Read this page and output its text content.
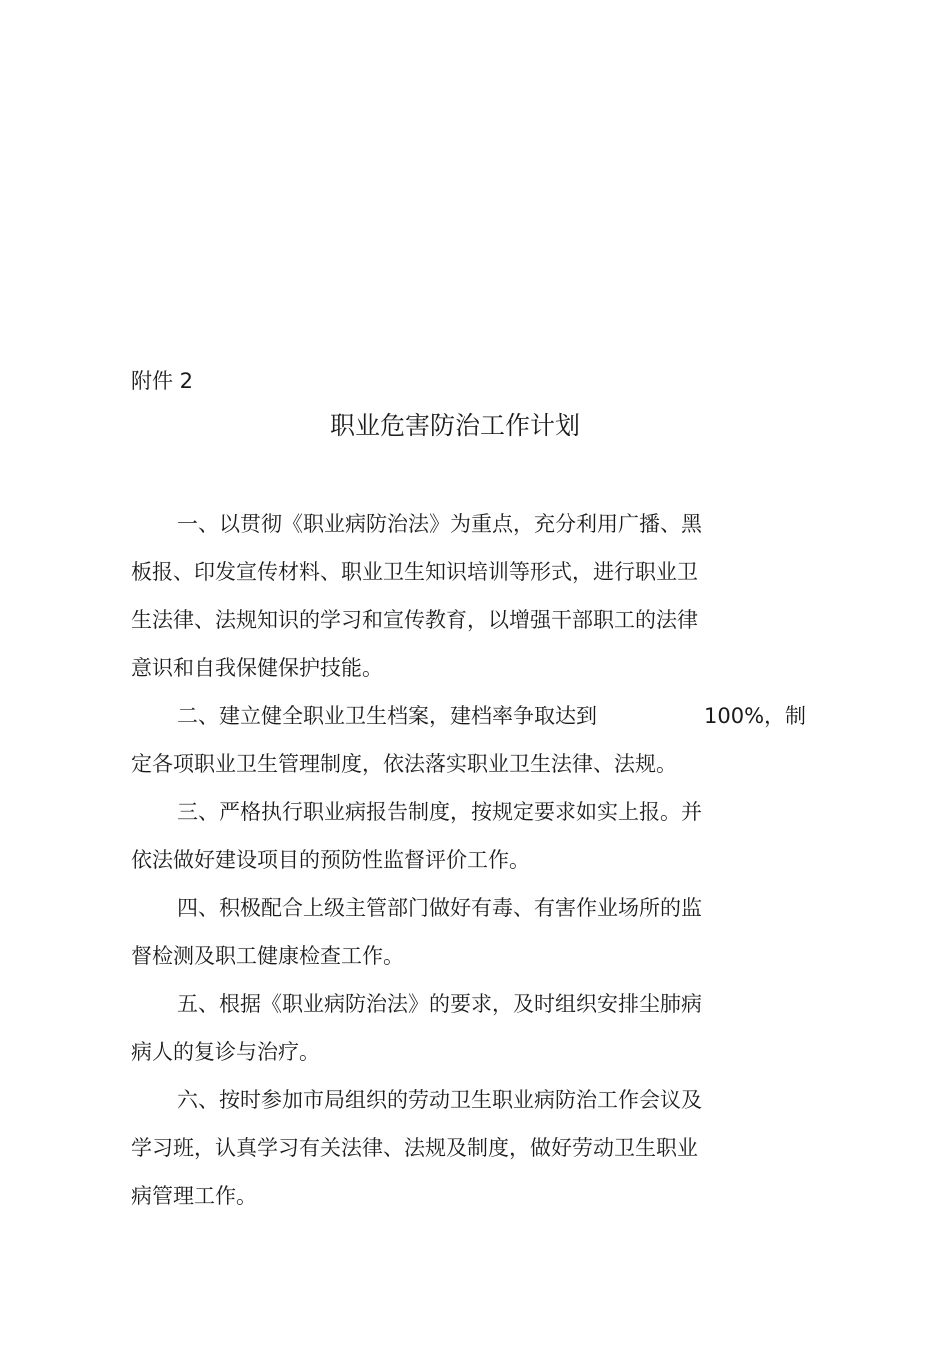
附件 2
职业危害防治工作计划
一、以贯彻《职业病防治法》为重点，充分利用广播、黑
板报、印发宣传材料、职业卫生知识培训等形式，进行职业卫
生法律、法规知识的学习和宣传教育，以增强干部职工的法律
意识和自我保健保护技能。
二、建立健全职业卫生档案，建档率争取达到	100%，制
定各项职业卫生管理制度，依法落实职业卫生法律、法规。
三、严格执行职业病报告制度，按规定要求如实上报。并
依法做好建设项目的预防性监督评价工作。
四、积极配合上级主管部门做好有毒、有害作业场所的监
督检测及职工健康检查工作。
五、根据《职业病防治法》的要求，及时组织安排尘肺病
病人的复诊与治疗。
六、按时参加市局组织的劳动卫生职业病防治工作会议及
学习班，认真学习有关法律、法规及制度，做好劳动卫生职业
病管理工作。
